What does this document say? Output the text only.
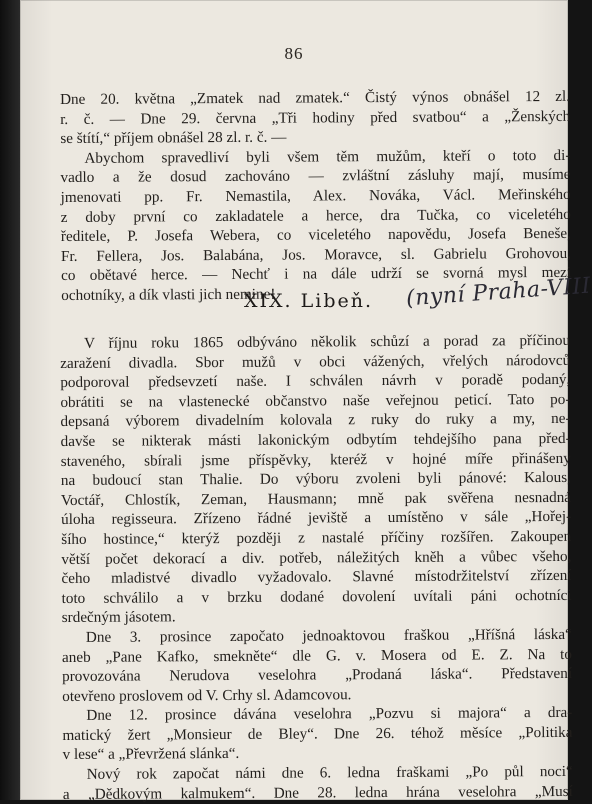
86
Dne 20. května „Zmatek nad zmatek.“ Čistý výnos obnášel 12 zl.
r. č. — Dne 29. června „Tři hodiny před svatbou“ a „Ženských
se štítí,“ příjem obnášel 28 zl. r. č. —
Abychom spravedliví byli všem těm mužům, kteří o toto di-
vadlo a že dosud zachováno — zvláštní zásluhy mají, musíme
jmenovati pp. Fr. Nemastila, Alex. Nováka, Václ. Meřinského
z doby první co zakladatele a herce, dra Tučka, co viceletého
ředitele, P. Josefa Webera, co viceletého napovědu, Josefa Beneše,
Fr. Fellera, Jos. Balabána, Jos. Moravce, sl. Gabrielu Grohovou,
co obětavé herce. — Nechť i na dále udrží se svorná mysl mezi
ochotníky, a dík vlasti jich nemine!
XIX. Libeň. (nyní Praha-VIII
V říjnu roku 1865 odbýváno několik schůzí a porad za příčinou
zaražení divadla. Sbor mužů v obci vážených, vřelých národovců
podporoval předsevzetí naše. I schválen návrh v poradě podaný,
obrátiti se na vlastenecké občanstvo naše veřejnou peticí. Tato po-
depsaná výborem divadelním kolovala z ruky do ruky a my, ne-
davše se nikterak másti lakonickým odbytím tehdejšího pana před-
staveného, sbírali jsme příspěvky, kteréž v hojné míře přinášeny
na budoucí stan Thalie. Do výboru zvoleni byli pánové: Kalous,
Voctář, Chlostík, Zeman, Hausmann; mně pak svěřena nesnadná
úloha regisseura. Zřízeno řádné jeviště a umístěno v sále „Hořej-
šího hostince,“ kterýž později z nastalé příčiny rozšířen. Zakoupen
větší počet dekorací a div. potřeb, náležitých kněh a vůbec všeho,
čeho mladistvé divadlo vyžadovalo. Slavné místodržitelství zřízení
toto schválilo a v brzku dodané dovolení uvítali páni ochotníci
srdečným jásotem.
Dne 3. prosince započato jednoaktovou fraškou „Hříšná láska“
aneb „Pane Kafko, smekněte“ dle G. v. Mosera od E. Z. Na to
provozována Nerudova veselohra „Prodaná láska“. Představení
otevřeno proslovem od V. Crhy sl. Adamcovou.
Dne 12. prosince dávána veselohra „Pozvu si majora“ a dra-
matický žert „Monsieur de Bley“. Dne 26. téhož měsíce „Politika
v lese“ a „Převržená slánka“.
Nový rok započat námi dne 6. ledna fraškami „Po půl noci“
a „Dědkovým kalmukem“. Dne 28. ledna hrána veselohra „Musí
